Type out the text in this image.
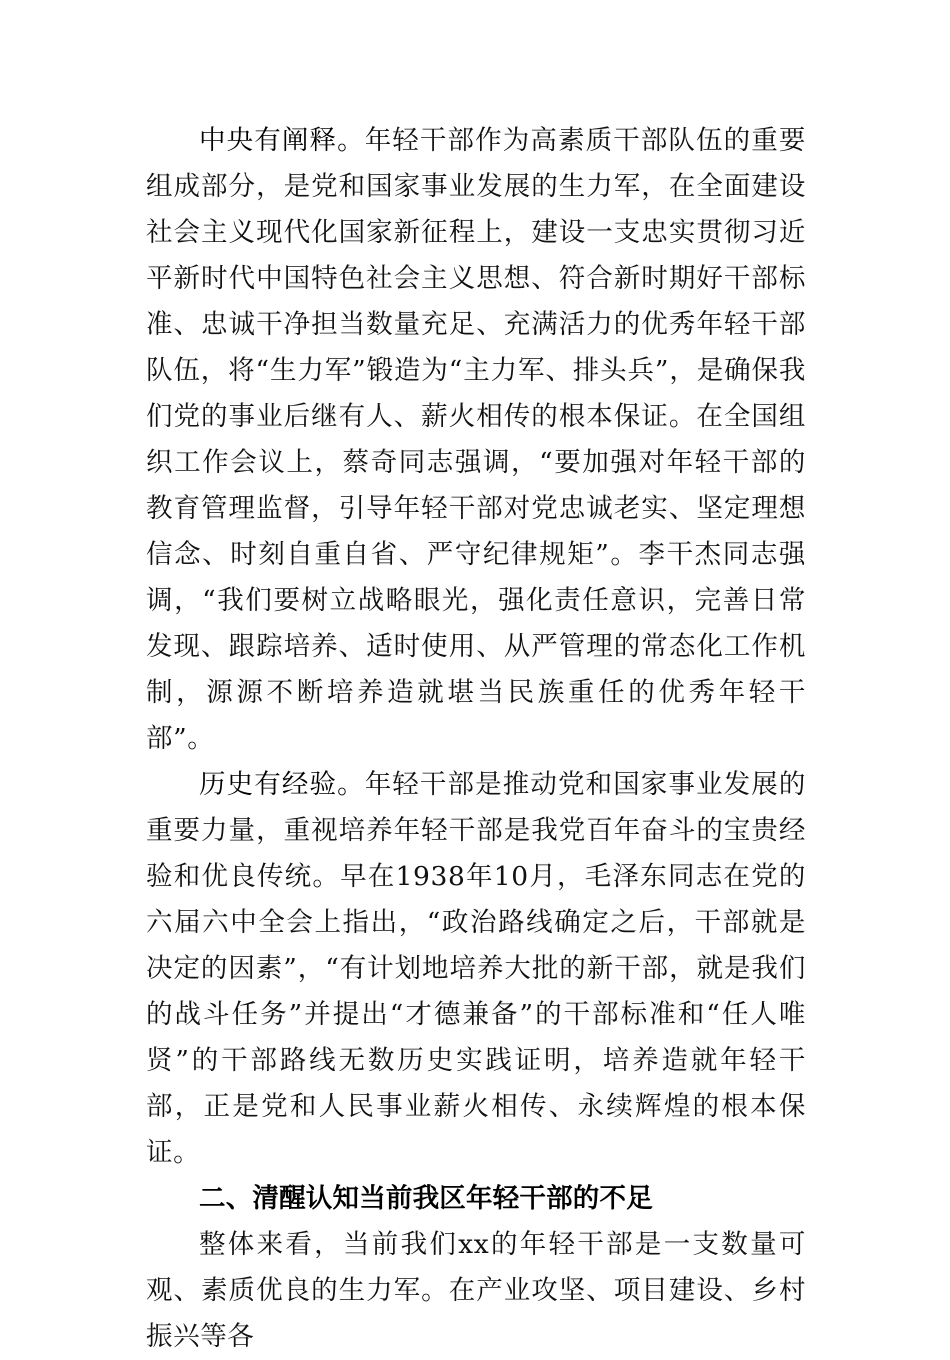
中央有阐释。年轻干部作为高素质干部队伍的重要组成部分，是党和国家事业发展的生力军，在全面建设社会主义现代化国家新征程上，建设一支忠实贯彻习近平新时代中国特色社会主义思想、符合新时期好干部标准、忠诚干净担当数量充足、充满活力的优秀年轻干部队伍，将“生力军”锻造为“主力军、排头兵”，是确保我们党的事业后继有人、薪火相传的根本保证。在全国组织工作会议上，蔡奇同志强调，“要加强对年轻干部的教育管理监督，引导年轻干部对党忠诚老实、坚定理想信念、时刻自重自省、严守纪律规矩”。李干杰同志强调，“我们要树立战略眼光，强化责任意识，完善日常发现、跟踪培养、适时使用、从严管理的常态化工作机制，源源不断培养造就堪当民族重任的优秀年轻干部”。

历史有经验。年轻干部是推动党和国家事业发展的重要力量，重视培养年轻干部是我党百年奋斗的宝贵经验和优良传统。早在1938年10月，毛泽东同志在党的六届六中全会上指出，“政治路线确定之后，干部就是决定的因素”，“有计划地培养大批的新干部，就是我们的战斗任务”并提出“才德兼备”的干部标准和“任人唯贤”的干部路线无数历史实践证明，培养造就年轻干部，正是党和人民事业薪火相传、永续辉煌的根本保证。

二、清醒认知当前我区年轻干部的不足

整体来看，当前我们xx的年轻干部是一支数量可观、素质优良的生力军。在产业攻坚、项目建设、乡村振兴等各
